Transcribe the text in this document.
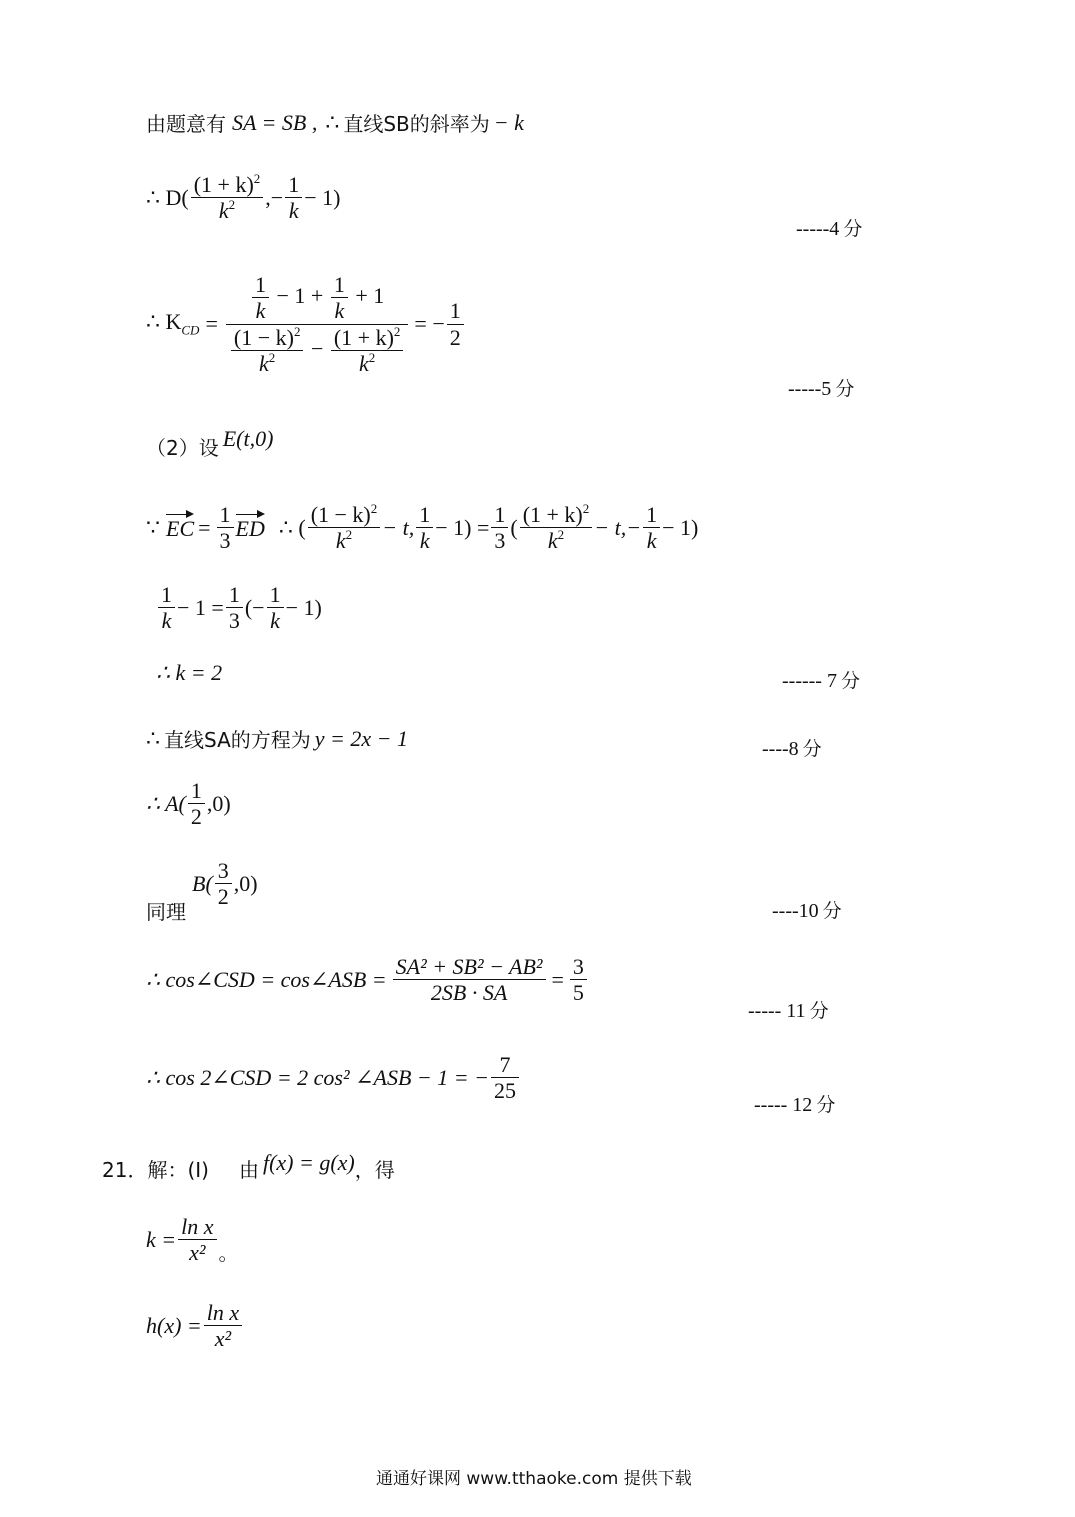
由题意有 SA = SB , ∴ 直线SB的斜率为 − k
∴ $D( \frac{(1 + k)^2}{k^2}$ ,− $\frac{1}{k} - 1$)
-----4 分
∴ $K_{CD} = \frac{\frac{1}{k} - 1 + \frac{1}{k} + 1}{\frac{(1 - k)^2}{k^2} - \frac{(1 + k)^2}{k^2}}$ = − $\frac{1}{2}$
-----5 分
（2）设 E(t,0)
∵ EC = $\frac{1}{3}$ ED ∴ ( $\frac{(1 - k)^2}{k^2} - t$, $\frac{1}{k} - 1) = \frac{1}{3}$ ( $\frac{(1 + k)^2}{k^2} - t,- \frac{1}{k} - 1$)
$\frac{1}{k} - 1 = \frac{1}{3}$ (− $\frac{1}{k} - 1$)
∴ k = 2	------ 7 分
∴ 直线SA的方程为 y = 2x − 1	----8 分
∴ $A( \frac{1}{2} ,0)$
同理
$B( \frac{3}{2} ,0)$
----10 分
∴ cos∠CSD = cos∠ASB = $\frac{\text{SA² + SB² − AB²}}{2SB \cdot SA} = \frac{3}{5}$
----- 11 分
∴ cos 2∠CSD = 2 cos² ∠ASB − 1 = − $\frac{7}{25}$
----- 12 分
21．解：(I) 由 f(x) = g(x) ，得
$k = \frac{\text{ln x}}{\text{x²}}$ 。
$h(x) = \frac{\text{ln x}}{\text{x²}}$
通通好课网 www.tthaoke.com 提供下载
